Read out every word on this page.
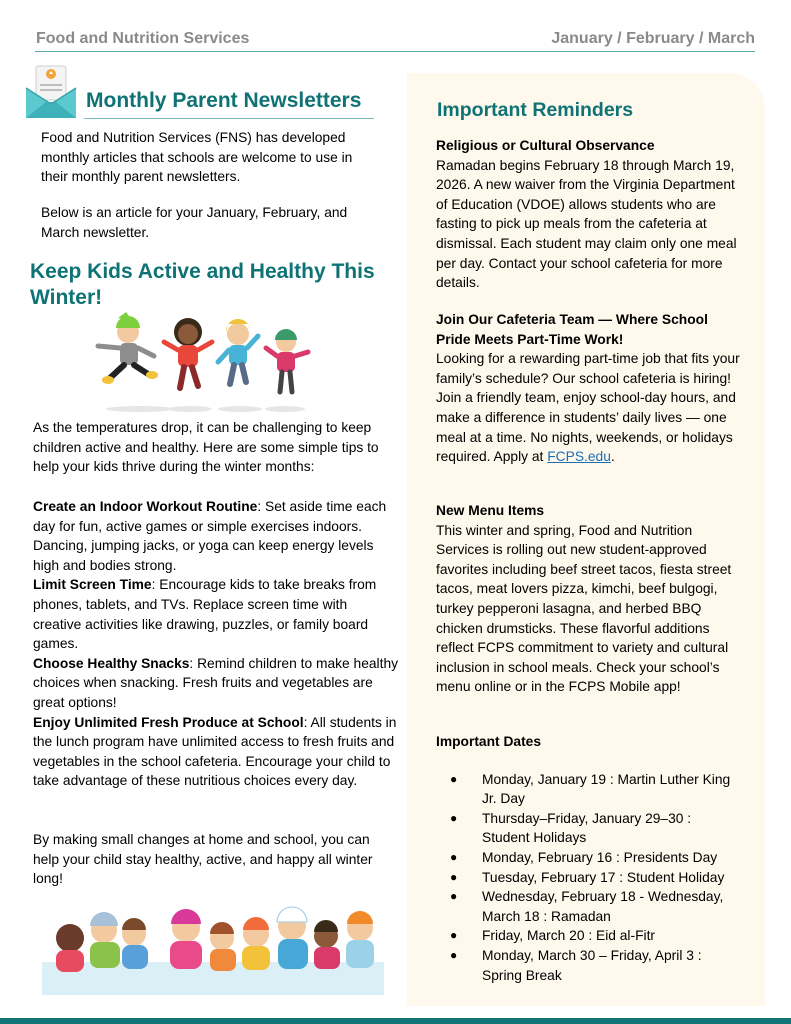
Food and Nutrition Services	January / February / March
Monthly Parent Newsletters

Food and Nutrition Services (FNS) has developed monthly articles that schools are welcome to use in their monthly parent newsletters.

Below is an article for your January, February, and March newsletter.

Keep Kids Active and Healthy This Winter!

As the temperatures drop, it can be challenging to keep children active and healthy. Here are some simple tips to help your kids thrive during the winter months:

Create an Indoor Workout Routine: Set aside time each day for fun, active games or simple exercises indoors. Dancing, jumping jacks, or yoga can keep energy levels high and bodies strong.

Limit Screen Time: Encourage kids to take breaks from phones, tablets, and TVs. Replace screen time with creative activities like drawing, puzzles, or family board games.

Choose Healthy Snacks: Remind children to make healthy choices when snacking. Fresh fruits and vegetables are great options!

Enjoy Unlimited Fresh Produce at School: All students in the lunch program have unlimited access to fresh fruits and vegetables in the school cafeteria. Encourage your child to take advantage of these nutritious choices every day.

By making small changes at home and school, you can help your child stay healthy, active, and happy all winter long!

Important Reminders
Religious or Cultural Observance

Ramadan begins February 18 through March 19, 2026. A new waiver from the Virginia Department of Education (VDOE) allows students who are fasting to pick up meals from the cafeteria at dismissal. Each student may claim only one meal per day. Contact your school cafeteria for more details.

Join Our Cafeteria Team — Where School Pride Meets Part-Time Work!

Looking for a rewarding part-time job that fits your family’s schedule? Our school cafeteria is hiring! Join a friendly team, enjoy school-day hours, and make a difference in students’ daily lives — one meal at a time. No nights, weekends, or holidays required. Apply at FCPS.edu.

New Menu Items

This winter and spring, Food and Nutrition Services is rolling out new student-approved favorites including beef street tacos, fiesta street tacos, meat lovers pizza, kimchi, beef bulgogi, turkey pepperoni lasagna, and herbed BBQ chicken drumsticks. These flavorful additions reflect FCPS commitment to variety and cultural inclusion in school meals. Check your school’s menu online or in the FCPS Mobile app!

Important Dates
● Monday, January 19 : Martin Luther King Jr. Day
● Thursday–Friday, January 29–30 : Student Holidays
● Monday, February 16 : Presidents Day
● Tuesday, February 17 : Student Holiday
● Wednesday, February 18 - Wednesday, March 18 : Ramadan
● Friday, March 20 : Eid al-Fitr
● Monday, March 30 – Friday, April 3 : Spring Break
